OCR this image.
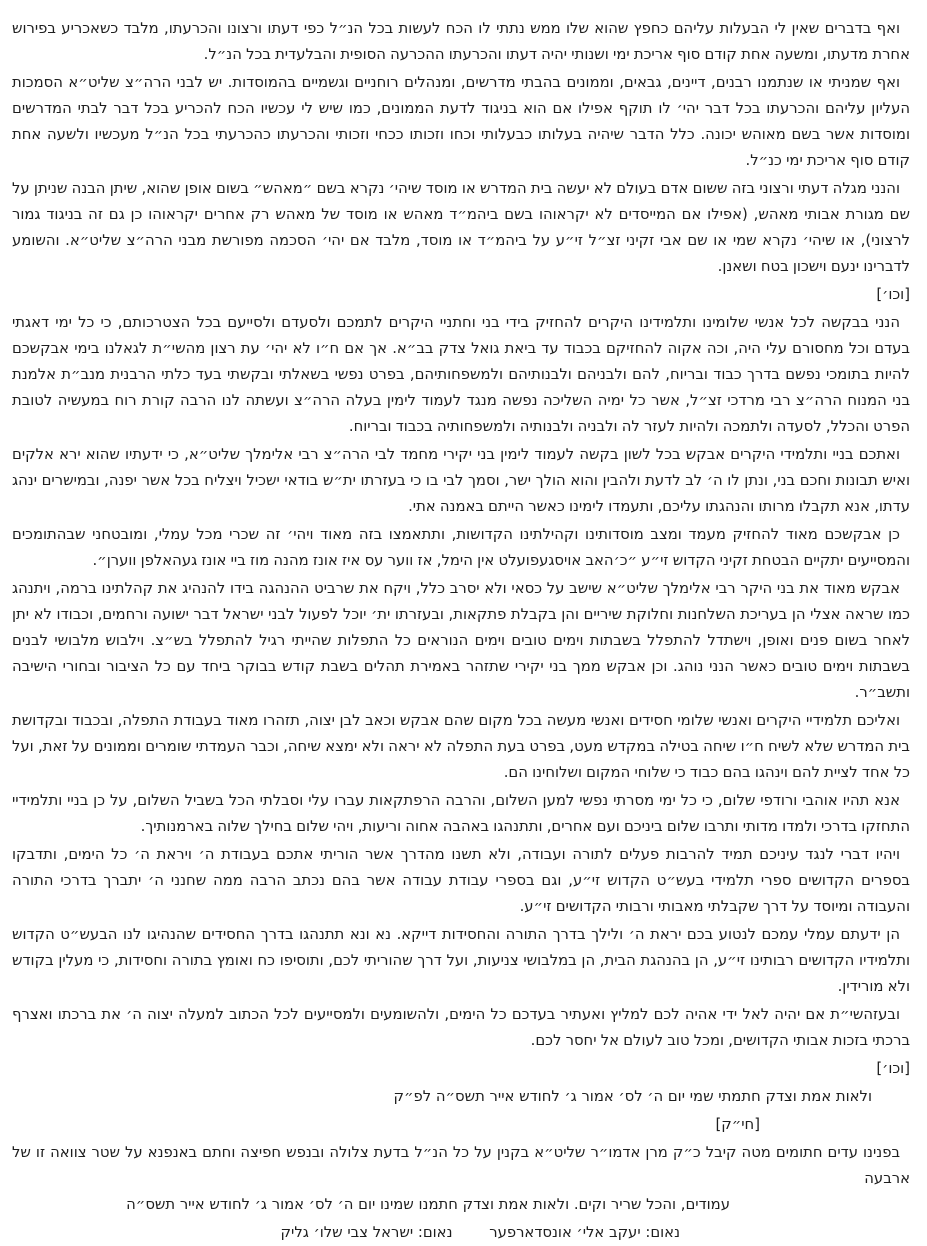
ואף בדברים שאין לי הבעלות עליהם כחפץ שהוא שלו ממש נתתי לו הכח לעשות בכל הנ״ל כפי דעתו ורצונו והכרעתו, מלבד כשאכריע בפירוש אחרת מדעתו, ומשעה אחת קודם סוף אריכת ימי ושנותי יהיה דעתו והכרעתו ההכרעה הסופית והבלעדית בכל הנ״ל.

ואף שמניתי או שנתמנו רבנים, דיינים, גבאים, וממונים בהבתי מדרשים, ומנהלים רוחניים וגשמיים בהמוסדות. יש לבני הרה״צ שליט״א הסמכות העליון עליהם והכרעתו בכל דבר יהי׳ לו תוקף אפילו אם הוא בניגוד לדעת הממונים, כמו שיש לי עכשיו הכח להכריע בכל דבר לבתי המדרשים ומוסדות אשר בשם מאוהש יכונה. כלל הדבר שיהיה בעלותו כבעלותי וכחו וזכותו ככחי וזכותי והכרעתו כהכרעתי בכל הנ״ל מעכשיו ולשעה אחת קודם סוף אריכת ימי כנ״ל.

והנני מגלה דעתי ורצוני בזה ששום אדם בעולם לא יעשה בית המדרש או מוסד שיהי׳ נקרא בשם ״מאהש״ בשום אופן שהוא, שיתן הבנה שניתן על שם מגורת אבותי מאהש, (אפילו אם המייסדים לא יקראוהו בשם ביהמ״ד מאהש או מוסד של מאהש רק אחרים יקראוהו כן גם זה בניגוד גמור לרצוני), או שיהי׳ נקרא שמי או שם אבי זקיני זצ״ל זי״ע על ביהמ״ד או מוסד, מלבד אם יהי׳ הסכמה מפורשת מבני הרה״צ שליט״א. והשומע לדברינו ינעם וישכון בטח ושאנן.

[וכו׳]

הנני בבקשה לכל אנשי שלומינו ותלמידינו היקרים להחזיק בידי בני וחתניי היקרים לתמכם ולסעדם ולסייעם בכל הצטרכותם, כי כל ימי דאגתי בעדם וכל מחסורם עלי היה, וכה אקוה להחזיקם בכבוד עד ביאת גואל צדק בב״א. אך אם ח״ו לא יהי׳ עת רצון מהשי״ת לגאלנו בימי אבקשכם להיות בתומכי נפשם בדרך כבוד ובריוח, להם ולבניהם ולבנותיהם ולמשפחותיהם, בפרט נפשי בשאלתי ובקשתי בעד כלתי הרבנית מנב״ת אלמנת בני המנוח הרה״צ רבי מרדכי זצ״ל, אשר כל ימיה השליכה נפשה מנגד לעמוד לימין בעלה הרה״צ ועשתה לנו הרבה קורת רוח במעשיה לטובת הפרט והכלל, לסעדה ולתמכה ולהיות לעזר לה ולבניה ולבנותיה ולמשפחותיה בכבוד ובריוח.

ואתכם בניי ותלמידי היקרים אבקש בכל לשון בקשה לעמוד לימין בני יקירי מחמד לבי הרה״צ רבי אלימלך שליט״א, כי ידעתיו שהוא ירא אלקים ואיש תבונות וחכם בני, ונתן לו ה׳ לב לדעת ולהבין והוא הולך ישר, וסמך לבי בו כי בעזרתו ית״ש בודאי ישכיל ויצליח בכל אשר יפנה, ובמישרים ינהג עדתו, אנא תקבלו מרותו והנהגתו עליכם, ותעמדו לימינו כאשר הייתם באמנה אתי.

כן אבקשכם מאוד להחזיק מעמד ומצב מוסדותינו וקהילתינו הקדושות, ותתאמצו בזה מאוד ויהי׳ זה שכרי מכל עמלי, ומובטחני שבהתומכים והמסייעים יתקיים הבטחת זקיני הקדוש זי״ע ״כ׳האב אויסגעפועלט אין הימל, אז ווער עס איז אונז מהנה מוז ביי אונז געהאלפן ווערן״.

אבקש מאוד את בני היקר רבי אלימלך שליט״א שישב על כסאי ולא יסרב כלל, ויקח את שרביט ההנהגה בידו להנהיג את קהלתינו ברמה, ויתנהג כמו שראה אצלי הן בעריכת השלחנות וחלוקת שיריים והן בקבלת פתקאות, ובעזרתו ית׳ יוכל לפעול לבני ישראל דבר ישועה ורחמים, וכבודו לא יתן לאחר בשום פנים ואופן, וישתדל להתפלל בשבתות וימים טובים וימים הנוראים כל התפלות שהייתי רגיל להתפלל בש״צ. וילבוש מלבושי לבנים בשבתות וימים טובים כאשר הנני נוהג. וכן אבקש ממך בני יקירי שתזהר באמירת תהלים בשבת קודש בבוקר ביחד עם כל הציבור ובחורי הישיבה ותשב״ר.

ואליכם תלמידיי היקרים ואנשי שלומי חסידים ואנשי מעשה בכל מקום שהם אבקש וכאב לבן יצוה, תזהרו מאוד בעבודת התפלה, ובכבוד ובקדושת בית המדרש שלא לשיח ח״ו שיחה בטילה במקדש מעט, בפרט בעת התפלה לא יראה ולא ימצא שיחה, וכבר העמדתי שומרים וממונים על זאת, ועל כל אחד לציית להם וינהגו בהם כבוד כי שלוחי המקום ושלוחינו הם.

אנא תהיו אוהבי ורודפי שלום, כי כל ימי מסרתי נפשי למען השלום, והרבה הרפתקאות עברו עלי וסבלתי הכל בשביל השלום, על כן בניי ותלמידיי התחזקו בדרכי ולמדו מדותי ותרבו שלום ביניכם ועם אחרים, ותתנהגו באהבה אחוה וריעות, ויהי שלום בחילך שלוה בארמנותיך.

ויהיו דברי לנגד עיניכם תמיד להרבות פעלים לתורה ועבודה, ולא תשנו מהדרך אשר הוריתי אתכם בעבודת ה׳ ויראת ה׳ כל הימים, ותדבקו בספרים הקדושים ספרי תלמידי בעש״ט הקדוש זי״ע, וגם בספרי עבודת עבודה אשר בהם נכתב הרבה ממה שחנני ה׳ יתברך בדרכי התורה והעבודה ומיוסד על דרך שקבלתי מאבותי ורבותי הקדושים זי״ע.

הן ידעתם עמלי עמכם לנטוע בכם יראת ה׳ ולילך בדרך התורה והחסידות דייקא. נא ונא תתנהגו בדרך החסידים שהנהיגו לנו הבעש״ט הקדוש ותלמידיו הקדושים רבותינו זי״ע, הן בהנהגת הבית, הן במלבושי צניעות, ועל דרך שהוריתי לכם, ותוסיפו כח ואומץ בתורה וחסידות, כי מעלין בקודש ולא מורידין.

ובעזהשי״ת אם יהיה לאל ידי אהיה לכם למליץ ואעתיר בעדכם כל הימים, ולהשומעים ולמסייעים לכל הכתוב למעלה יצוה ה׳ את ברכתו ואצרף ברכתי בזכות אבותי הקדושים, ומכל טוב לעולם אל יחסר לכם.

[וכו׳]

ולאות אמת וצדק חתמתי שמי יום ה׳ לס׳ אמור ג׳ לחודש אייר תשס״ה לפ״ק

[חי״ק]

בפנינו עדים חתומים מטה קיבל כ״ק מרן אדמו״ר שליט״א בקנין על כל הנ״ל בדעת צלולה ובנפש חפיצה וחתם באנפנא על שטר צוואה זו של ארבעה

עמודים, והכל שריר וקים. ולאות אמת וצדק חתמנו שמינו יום ה׳ לס׳ אמור ג׳ לחודש אייר תשס״ה

נאום: יעקב אלי׳ אונסדארפער נאום: ישראל צבי שלו׳ גליק
